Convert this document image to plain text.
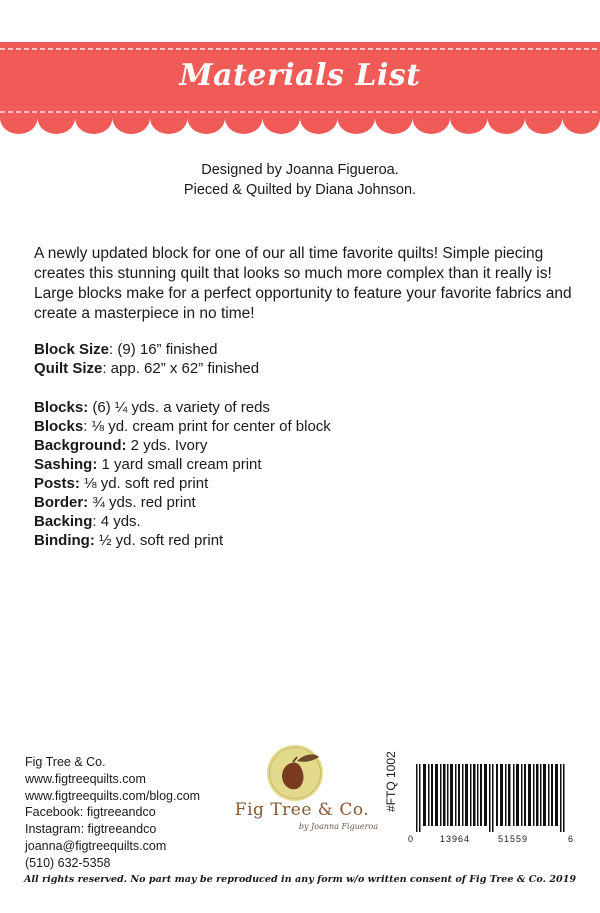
Materials List
Designed by Joanna Figueroa.
Pieced & Quilted by Diana Johnson.
A newly updated block for one of our all time favorite quilts! Simple piecing creates this stunning quilt that looks so much more complex than it really is! Large blocks make for a perfect opportunity to feature your favorite fabrics and create a masterpiece in no time!
Block Size: (9) 16” finished
Quilt Size: app. 62” x 62” finished
Blocks: (6) ¼ yds. a variety of reds
Blocks: ⅛ yd. cream print for center of block
Background: 2 yds. Ivory
Sashing: 1 yard small cream print
Posts: ⅛ yd. soft red print
Border: ¾ yds. red print
Backing: 4 yds.
Binding: ½ yd. soft red print
Fig Tree & Co.
www.figtreequilts.com
www.figtreequilts.com/blog.com
Facebook: figtreeandco
Instagram: figtreeandco
joanna@figtreequilts.com
(510) 632-5358
Fig Tree & Co.
by Joanna Figueroa
#FTQ 1002
0	13964	51559	6
All rights reserved. No part may be reproduced in any form w/o written consent of Fig Tree & Co. 2019
